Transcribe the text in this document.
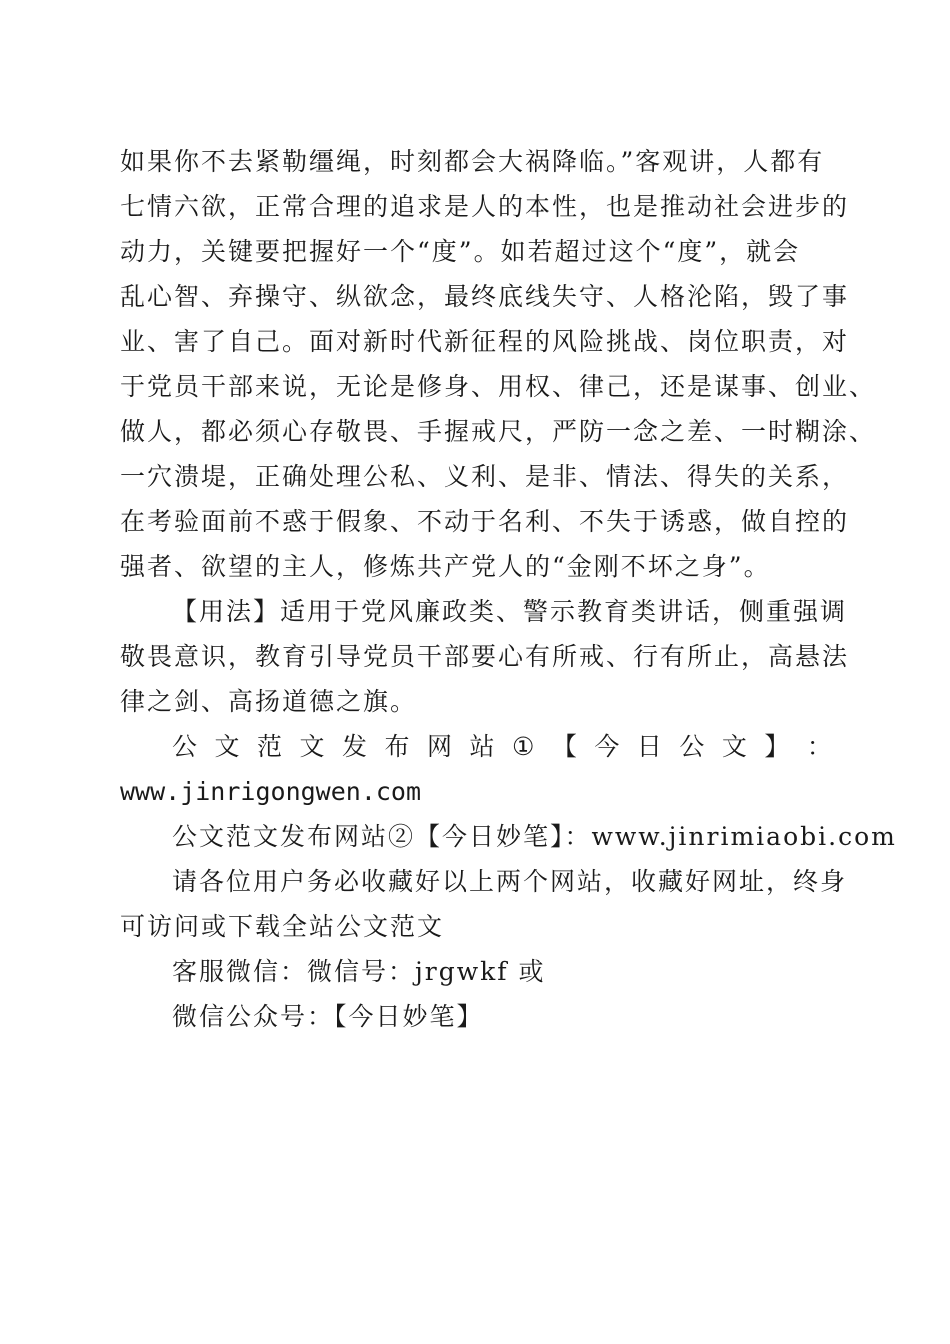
如果你不去紧勒缰绳，时刻都会大祸降临。”客观讲，人都有
七情六欲，正常合理的追求是人的本性，也是推动社会进步的
动力，关键要把握好一个“度”。如若超过这个“度”，就会
乱心智、弃操守、纵欲念，最终底线失守、人格沦陷，毁了事
业、害了自己。面对新时代新征程的风险挑战、岗位职责，对
于党员干部来说，无论是修身、用权、律己，还是谋事、创业、
做人，都必须心存敬畏、手握戒尺，严防一念之差、一时糊涂、
一穴溃堤，正确处理公私、义利、是非、情法、得失的关系，
在考验面前不惑于假象、不动于名利、不失于诱惑，做自控的
强者、欲望的主人，修炼共产党人的“金刚不坏之身”。
【用法】适用于党风廉政类、警示教育类讲话，侧重强调
敬畏意识，教育引导党员干部要心有所戒、行有所止，高悬法
律之剑、高扬道德之旗。
公 文 范 文 发 布 网 站 ① 【 今 日 公 文 】 ：
www.jinrigongwen.com
公文范文发布网站②【今日妙笔】：www.jinrimiaobi.com
请各位用户务必收藏好以上两个网站，收藏好网址，终身
可访问或下载全站公文范文
客服微信：微信号：jrgwkf 或
微信公众号：【今日妙笔】
